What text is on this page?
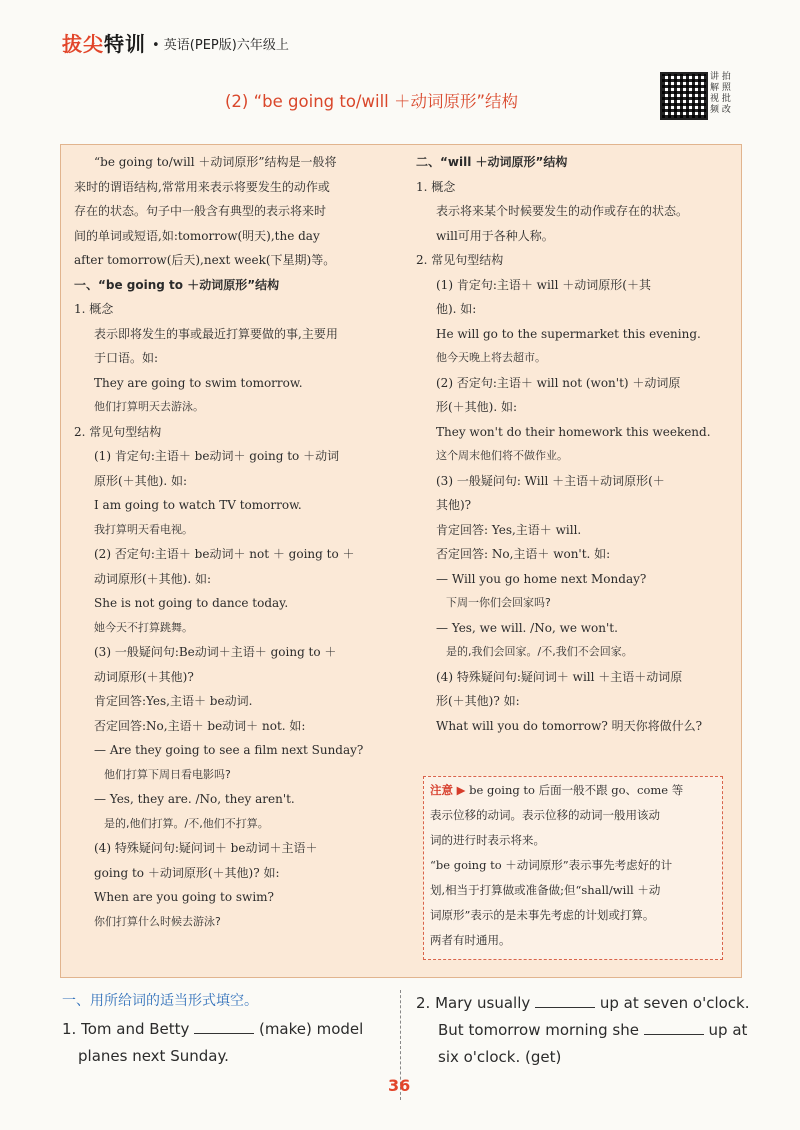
拔尖特训 • 英语(PEP版)六年级上
讲 拍
解 照
视 批
频 改
(2) “be going to/will ＋动词原形”结构

“be going to/will ＋动词原形”结构是一般将

来时的谓语结构,常常用来表示将要发生的动作或

存在的状态。句子中一般含有典型的表示将来时

间的单词或短语,如:tomorrow(明天),the day

after tomorrow(后天),next week(下星期)等。

一、“be going to ＋动词原形”结构

1. 概念

表示即将发生的事或最近打算要做的事,主要用

于口语。如:

They are going to swim tomorrow.

他们打算明天去游泳。

2. 常见句型结构

(1) 肯定句:主语＋ be动词＋ going to ＋动词

原形(＋其他). 如:

I am going to watch TV tomorrow.

我打算明天看电视。

(2) 否定句:主语＋ be动词＋ not ＋ going to ＋

动词原形(＋其他). 如:

She is not going to dance today.

她今天不打算跳舞。

(3) 一般疑问句:Be动词＋主语＋ going to ＋

动词原形(＋其他)?

肯定回答:Yes,主语＋ be动词.

否定回答:No,主语＋ be动词＋ not. 如:

— Are they going to see a film next Sunday?

他们打算下周日看电影吗?

— Yes, they are. /No, they aren't.

是的,他们打算。/不,他们不打算。

(4) 特殊疑问句:疑问词＋ be动词＋主语＋

going to ＋动词原形(＋其他)? 如:

When are you going to swim?

你们打算什么时候去游泳?

二、“will ＋动词原形”结构

1. 概念

表示将来某个时候要发生的动作或存在的状态。

will可用于各种人称。

2. 常见句型结构

(1) 肯定句:主语＋ will ＋动词原形(＋其

他). 如:

He will go to the supermarket this evening.

他今天晚上将去超市。

(2) 否定句:主语＋ will not (won't) ＋动词原

形(＋其他). 如:

They won't do their homework this weekend.

这个周末他们将不做作业。

(3) 一般疑问句: Will ＋主语＋动词原形(＋

其他)?

肯定回答: Yes,主语＋ will.

否定回答: No,主语＋ won't. 如:

— Will you go home next Monday?

下周一你们会回家吗?

— Yes, we will. /No, we won't.

是的,我们会回家。/不,我们不会回家。

(4) 特殊疑问句:疑问词＋ will ＋主语＋动词原

形(＋其他)? 如:

What will you do tomorrow? 明天你将做什么?

注意 ▶ be going to 后面一般不跟 go、come 等

表示位移的动词。表示位移的动词一般用该动

词的进行时表示将来。

“be going to ＋动词原形”表示事先考虑好的计

划,相当于打算做或准备做;但“shall/will ＋动

词原形”表示的是未事先考虑的计划或打算。

两者有时通用。

一、用所给词的适当形式填空。
1. Tom and Betty	(make) model
planes next Sunday.
2. Mary usually	up at seven o'clock.
But tomorrow morning she	up at
six o'clock. (get)
36
